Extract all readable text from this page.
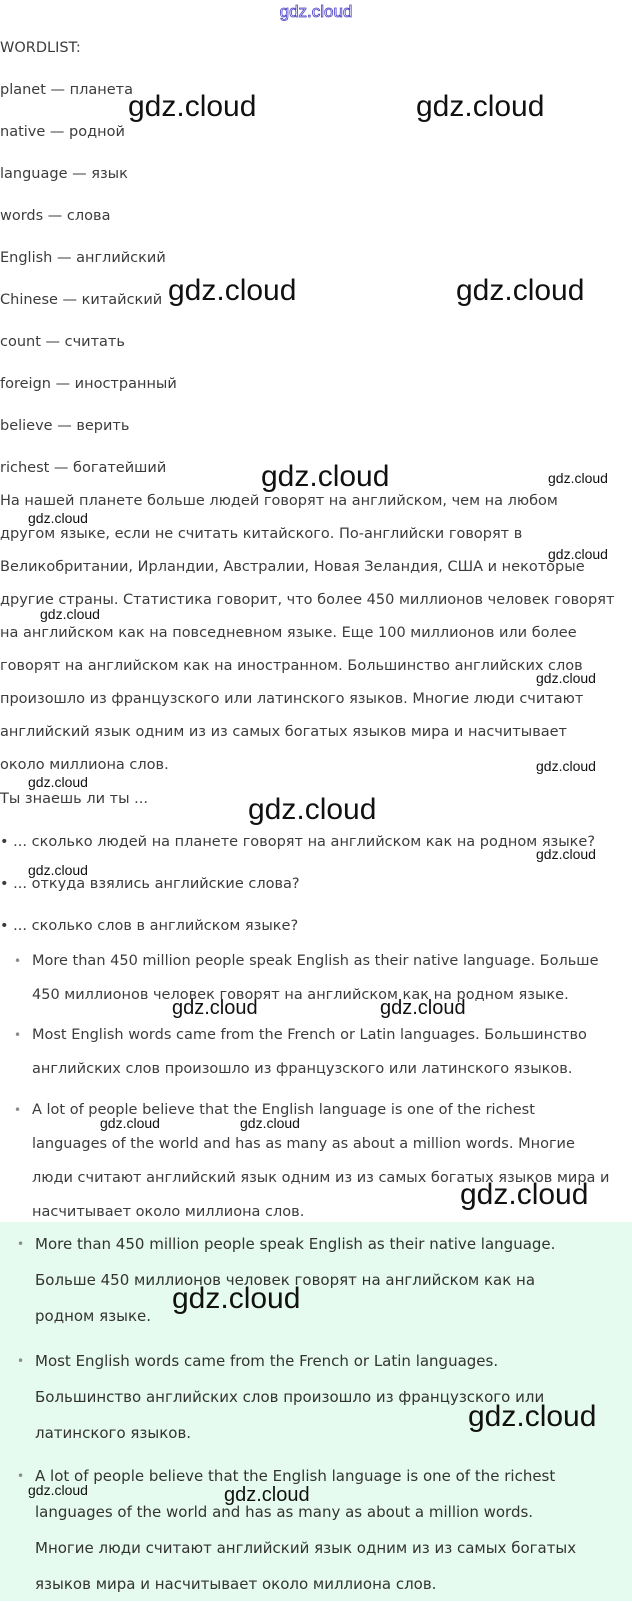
gdz.cloud

WORDLIST:

planet — планета

native — родной

language — язык

words — слова

English — английский

Chinese — китайский

count — считать

foreign — иностранный

believe — верить

richest — богатейший

На нашей планете больше людей говорят на английском, чем на любом

другом языке, если не считать китайского. По-английски говорят в

Великобритании, Ирландии, Австралии, Новая Зеландия, США и некоторые

другие страны. Статистика говорит, что более 450 миллионов человек говорят

на английском как на повседневном языке. Еще 100 миллионов или более

говорят на английском как на иностранном. Большинство английских слов

произошло из французского или латинского языков. Многие люди считают

английский язык одним из из самых богатых языков мира и насчитывает

около миллиона слов.

Ты знаешь ли ты ...

• ... сколько людей на планете говорят на английском как на родном языке?

• ... откуда взялись английские слова?

• ... сколько слов в английском языке?

• More than 450 million people speak English as their native language. Больше
450 миллионов человек говорят на английском как на родном языке.
• Most English words came from the French or Latin languages. Большинство
английских слов произошло из французского или латинского языков.
• A lot of people believe that the English language is one of the richest
languages of the world and has as many as about a million words. Многие
люди считают английский язык одним из из самых богатых языков мира и
насчитывает около миллиона слов.
• More than 450 million people speak English as their native language.
Больше 450 миллионов человек говорят на английском как на
родном языке.
• Most English words came from the French or Latin languages.
Большинство английских слов произошло из французского или
латинского языков.
• A lot of people believe that the English language is one of the richest
languages of the world and has as many as about a million words.
Многие люди считают английский язык одним из из самых богатых
языков мира и насчитывает около миллиона слов.
gdz.cloud	gdz.cloud
gdz.cloud	gdz.cloud
gdz.cloud	gdz.cloud
gdz.cloud
gdz.cloud
gdz.cloud
gdz.cloud
gdz.cloud
gdz.cloud
gdz.cloud
gdz.cloud
gdz.cloud
gdz.cloud	gdz.cloud
gdz.cloud	gdz.cloud
gdz.cloud
gdz.cloud
gdz.cloud
gdz.cloud	gdz.cloud
